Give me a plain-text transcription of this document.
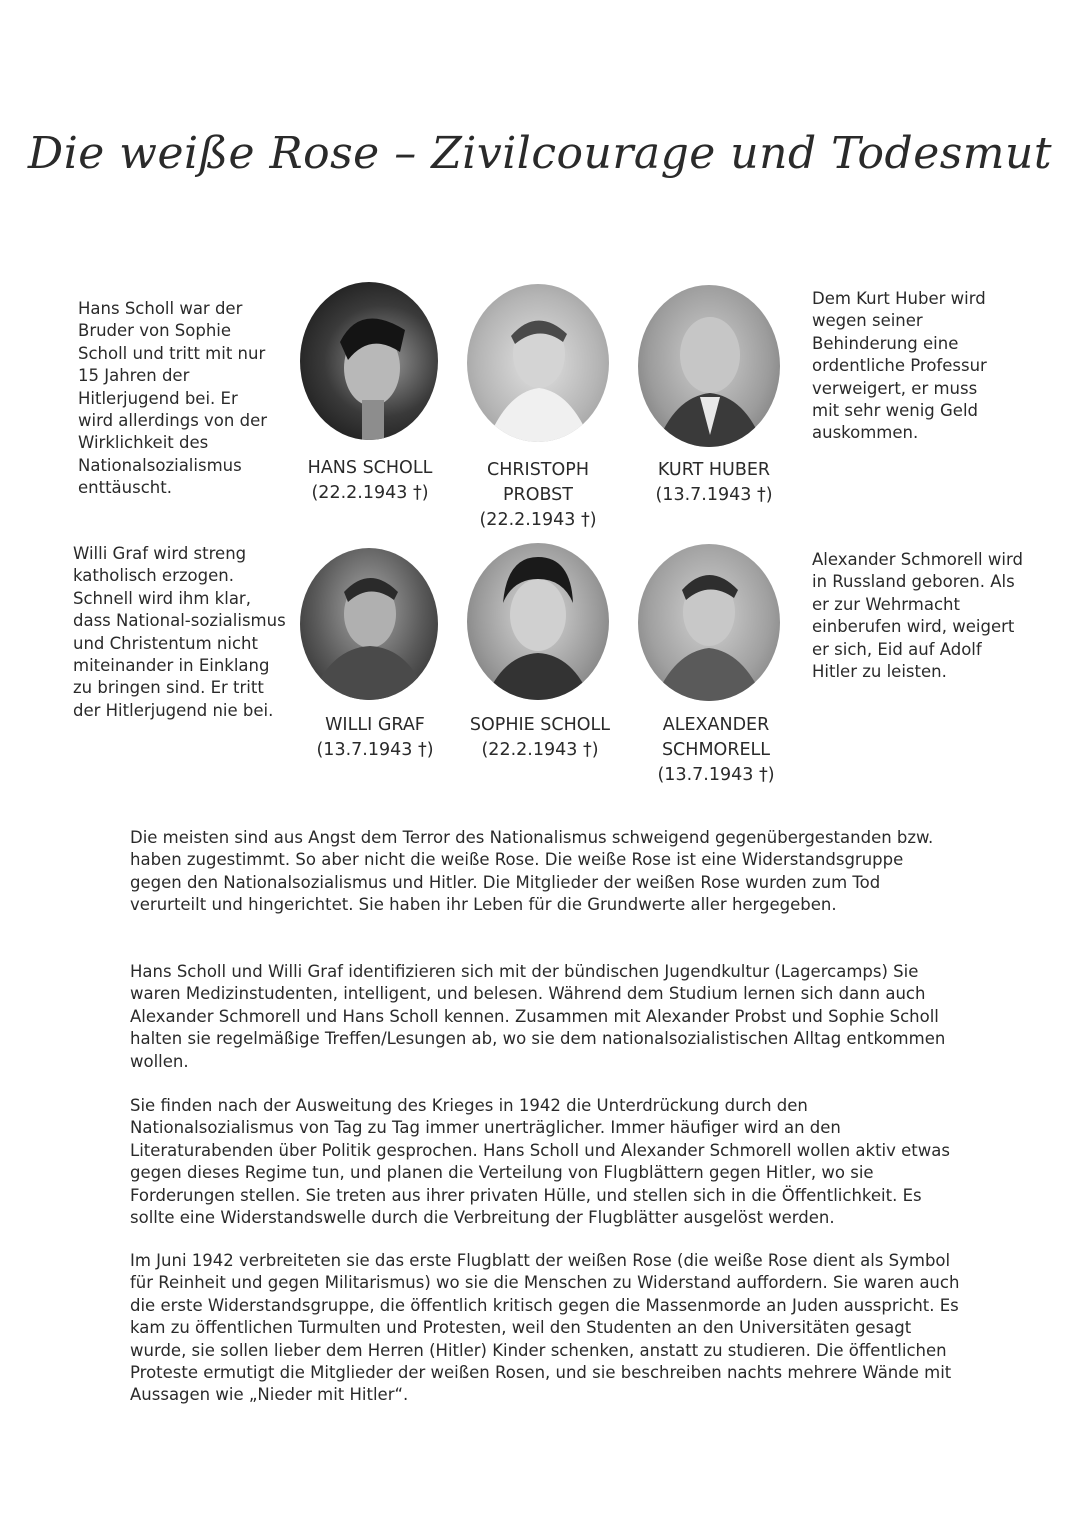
Die weiße Rose – Zivilcourage und Todesmut

Hans Scholl war der Bruder von Sophie Scholl und tritt mit nur 15 Jahren der Hitlerjugend bei. Er wird allerdings von der Wirklichkeit des Nationalsozialismus enttäuscht.

Dem Kurt Huber wird wegen seiner Behinderung eine ordentliche Professur verweigert, er muss mit sehr wenig Geld auskommen.

Willi Graf wird streng katholisch erzogen. Schnell wird ihm klar, dass National-sozialismus und Christentum nicht miteinander in Einklang zu bringen sind. Er tritt der Hitlerjugend nie bei.

Alexander Schmorell wird in Russland geboren. Als er zur Wehrmacht einberufen wird, weigert er sich, Eid auf Adolf Hitler zu leisten.

HANS SCHOLL
(22.2.1943 †)
CHRISTOPH
PROBST
(22.2.1943 †)
KURT HUBER
(13.7.1943 †)
WILLI GRAF
(13.7.1943 †)
SOPHIE SCHOLL
(22.2.1943 †)
ALEXANDER
SCHMORELL
(13.7.1943 †)

Die meisten sind aus Angst dem Terror des Nationalismus schweigend gegenübergestanden bzw. haben zugestimmt. So aber nicht die weiße Rose. Die weiße Rose ist eine Widerstandsgruppe gegen den Nationalsozialismus und Hitler. Die Mitglieder der weißen Rose wurden zum Tod verurteilt und hingerichtet. Sie haben ihr Leben für die Grundwerte aller hergegeben.

Hans Scholl und Willi Graf identifizieren sich mit der bündischen Jugendkultur (Lagercamps) Sie waren Medizinstudenten, intelligent, und belesen. Während dem Studium lernen sich dann auch Alexander Schmorell und Hans Scholl kennen. Zusammen mit Alexander Probst und Sophie Scholl halten sie regelmäßige Treffen/Lesungen ab, wo sie dem nationalsozialistischen Alltag entkommen wollen.

Sie finden nach der Ausweitung des Krieges in 1942 die Unterdrückung durch den Nationalsozialismus von Tag zu Tag immer unerträglicher. Immer häufiger wird an den Literaturabenden über Politik gesprochen. Hans Scholl und Alexander Schmorell wollen aktiv etwas gegen dieses Regime tun, und planen die Verteilung von Flugblättern gegen Hitler, wo sie Forderungen stellen. Sie treten aus ihrer privaten Hülle, und stellen sich in die Öffentlichkeit. Es sollte eine Widerstandswelle durch die Verbreitung der Flugblätter ausgelöst werden.

Im Juni 1942 verbreiteten sie das erste Flugblatt der weißen Rose (die weiße Rose dient als Symbol für Reinheit und gegen Militarismus) wo sie die Menschen zu Widerstand auffordern. Sie waren auch die erste Widerstandsgruppe, die öffentlich kritisch gegen die Massenmorde an Juden ausspricht. Es kam zu öffentlichen Turmulten und Protesten, weil den Studenten an den Universitäten gesagt wurde, sie sollen lieber dem Herren (Hitler) Kinder schenken, anstatt zu studieren. Die öffentlichen Proteste ermutigt die Mitglieder der weißen Rosen, und sie beschreiben nachts mehrere Wände mit Aussagen wie „Nieder mit Hitler“.
